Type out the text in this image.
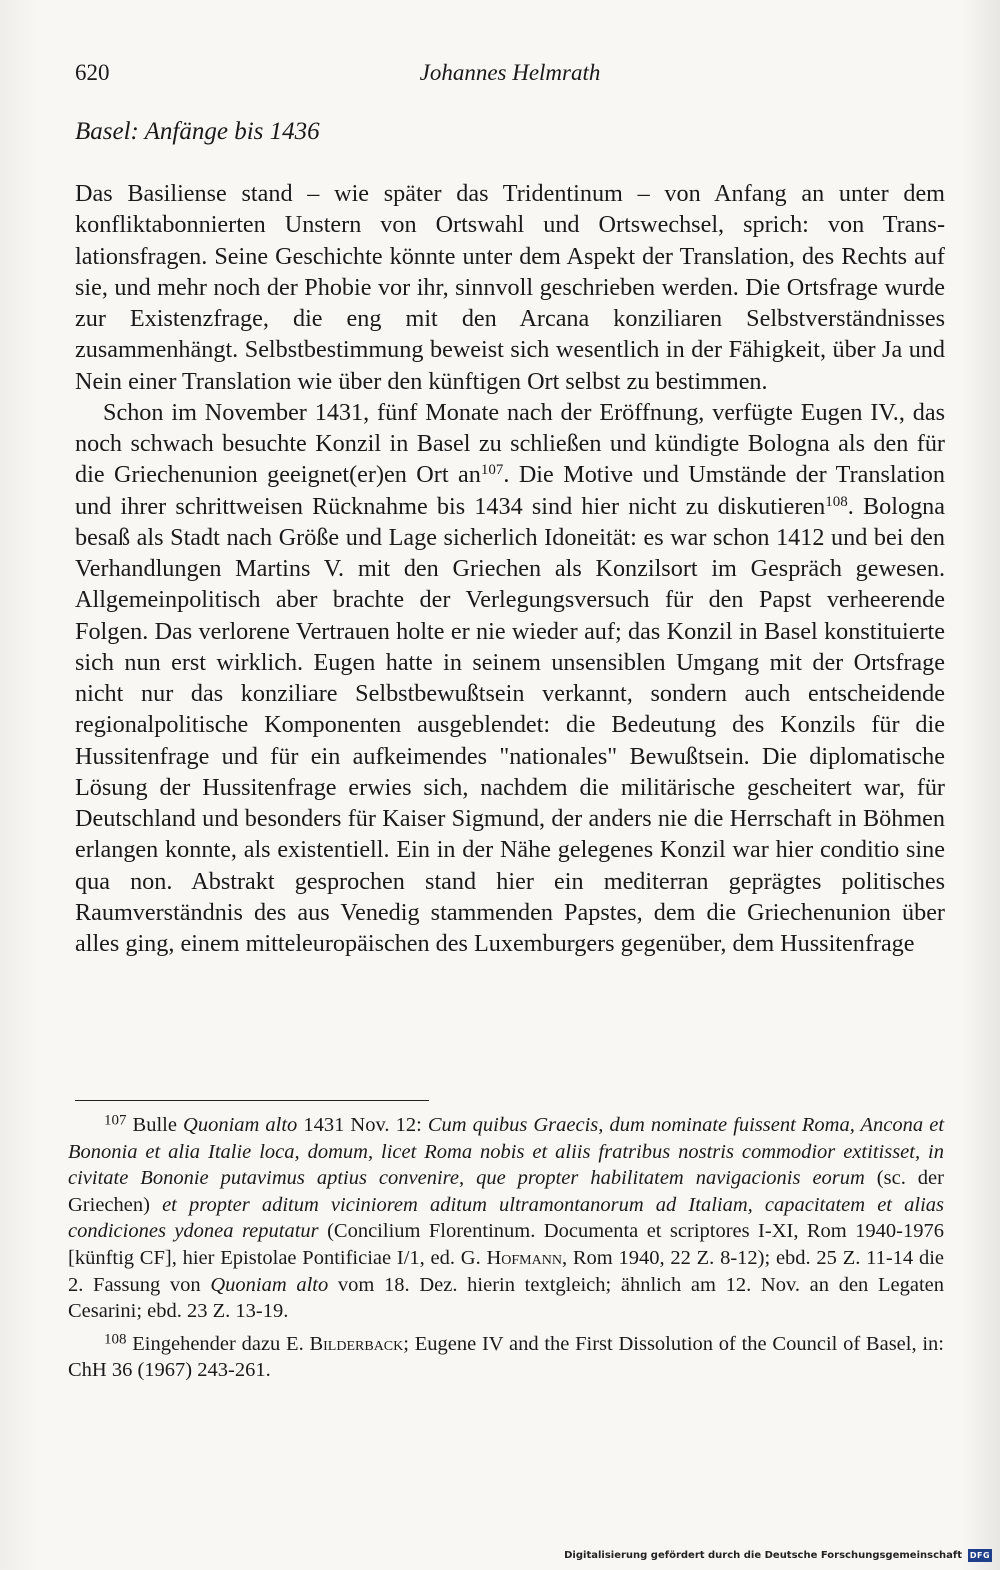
620	Johannes Helmrath
Basel: Anfänge bis 1436

Das Basiliense stand – wie später das Tridentinum – von Anfang an unter dem konfliktabonnierten Unstern von Ortswahl und Ortswechsel, sprich: von Translationsfragen. Seine Geschichte könnte unter dem Aspekt der Translation, des Rechts auf sie, und mehr noch der Phobie vor ihr, sinnvoll geschrieben werden. Die Ortsfrage wurde zur Existenzfrage, die eng mit den Arcana konziliaren Selbstverständnisses zusammenhängt. Selbstbestimmung beweist sich wesentlich in der Fähigkeit, über Ja und Nein einer Translation wie über den künftigen Ort selbst zu bestimmen.

Schon im November 1431, fünf Monate nach der Eröffnung, verfügte Eugen IV., das noch schwach besuchte Konzil in Basel zu schließen und kündigte Bologna als den für die Griechenunion geeignet(er)en Ort $an^{107}$. Die Motive und Umstände der Translation und ihrer schrittweisen Rücknahme bis 1434 sind hier nicht zu diskutieren$^{108}$. Bologna besaß als Stadt nach Größe und Lage sicherlich Idoneität: es war schon 1412 und bei den Verhandlungen Martins V. mit den Griechen als Konzilsort im Gespräch gewesen. Allgemeinpolitisch aber brachte der Verlegungsversuch für den Papst verheerende Folgen. Das verlorene Vertrauen holte er nie wieder auf; das Konzil in Basel konstituierte sich nun erst wirklich. Eugen hatte in seinem unsensiblen Umgang mit der Ortsfrage nicht nur das konziliare Selbstbewußtsein verkannt, sondern auch entscheidende regionalpolitische Komponenten ausgeblendet: die Bedeutung des Konzils für die Hussitenfrage und für ein aufkeimendes "nationales" Bewußtsein. Die diplomatische Lösung der Hussitenfrage erwies sich, nachdem die militärische gescheitert war, für Deutschland und besonders für Kaiser Sigmund, der anders nie die Herrschaft in Böhmen erlangen konnte, als existentiell. Ein in der Nähe gelegenes Konzil war hier conditio sine qua non. Abstrakt gesprochen stand hier ein mediterran geprägtes politisches Raumverständnis des aus Venedig stammenden Papstes, dem die Griechenunion über alles ging, einem mitteleuropäischen des Luxemburgers gegenüber, dem Hussitenfrage

$^{107}$ Bulle Quoniam alto 1431 Nov. 12: Cum quibus Graecis, dum nominate fuissent Roma, Ancona et Bononia et alia Italie loca, domum, licet Roma nobis et aliis fratribus nostris commodior extitisset, in civitate Bononie putavimus aptius convenire, que propter habilitatem navigacionis eorum (sc. der Griechen) et propter aditum viciniorem aditum ultramontanorum ad Italiam, capacitatem et alias condiciones ydonea reputatur (Concilium Florentinum. Documenta et scriptores I-XI, Rom 1940-1976 [künftig CF], hier Epistolae Pontificiae I/1, ed. G. Hofmann, Rom 1940, 22 Z. 8-12); ebd. 25 Z. 11-14 die 2. Fassung von Quoniam alto vom 18. Dez. hierin textgleich; ähnlich am 12. Nov. an den Legaten Cesarini; ebd. 23 Z. 13-19.

$^{108}$ Eingehender dazu E. Bilderback; Eugene IV and the First Dissolution of the Council of Basel, in: ChH 36 (1967) 243-261.

Digitalisierung gefördert durch die Deutsche Forschungsgemeinschaft DFG
